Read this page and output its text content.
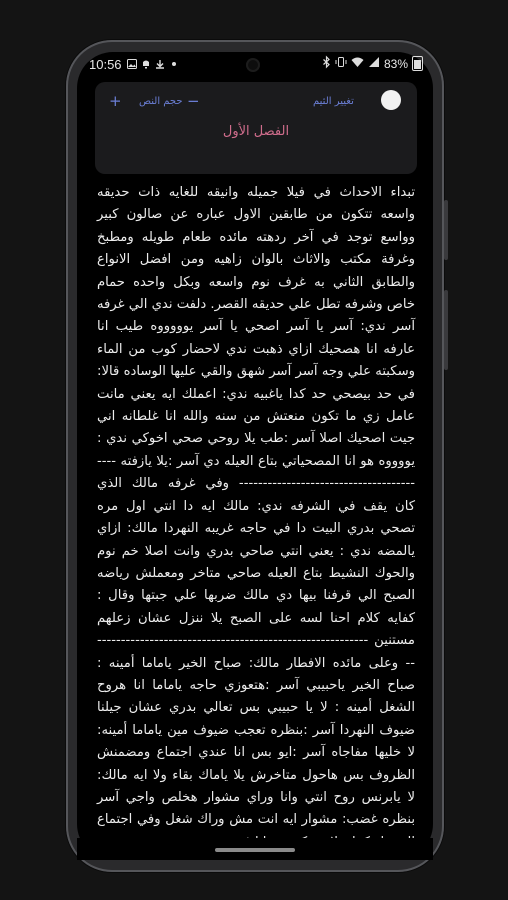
10:56	83%
+ حجم النص −	تغيير الثيم
الفصل الأول

تبداء الاحداث في فيلا جميله وانيقه للغايه ذات حديقه واسعه تتكون من طابقين الاول عباره عن صالون كبير وواسع توجد في آخر ردهته مائده طعام طويله ومطبخ وغرفة مكتب والاثاث بالوان زاهيه ومن افضل الانواع والطابق الثاني به غرف نوم واسعه وبكل واحده حمام خاص وشرفه تطل علي حديقه القصر. دلفت ندي الي غرفه آسر ندي: آسر يا آسر اصحي يا آسر يوووووه طيب انا عارفه انا هصحيك ازاي ذهبت ندي لاحضار كوب من الماء وسكبته علي وجه آسر آسر شهق والقي عليها الوساده قالا: في حد بيصحي حد كدا ياغبيه ندي: اعملك ايه يعني مانت عامل زي ما تكون منعتش من سنه والله انا غلطانه اني جيت اصحيك اصلا آسر :طب يلا روحي صحي اخوكي ندي : يووووه هو انا المصحياتي بتاع العيله دي آسر :يلا يازفته ----------------------------------------- وفي غرفه مالك الذي كان يقف في الشرفه ندي: مالك ايه دا انتي اول مره تصحي بدري البيت دا في حاجه غريبه النهردا مالك: ازاي يالمضه ندي : يعني انتي صاحي بدري وانت اصلا خم نوم والحوك النشيط بتاع العيله صاحي متاخر ومعملش رياضه الصبح الي قرفنا بيها دي مالك ضربها علي جبتها وقال : كفايه كلام احنا لسه على الصبح يلا ننزل عشان زعلهم مستنين ----------------------------------------------------------- وعلى مائده الافطار مالك: صباح الخير ياماما أمينه : صباح الخير ياحبيبي آسر :هتعوزي حاجه ياماما انا هروح الشغل أمينه : لا يا حبيبي بس تعالي بدري عشان جيلنا ضيوف النهردا آسر :بنظره تعجب ضيوف مين ياماما أمينه: لا خليها مفاجاه آسر :ايو بس انا عندي اجتماع ومضمنش الظروف بس هاحول متاخرش يلا ياماك بقاء ولا ايه مالك: لا يابرنس روح انتي وانا وراي مشوار هخلص واجي آسر بنظره غضب: مشوار ايه انت مش وراك شغل وفي اجتماع
